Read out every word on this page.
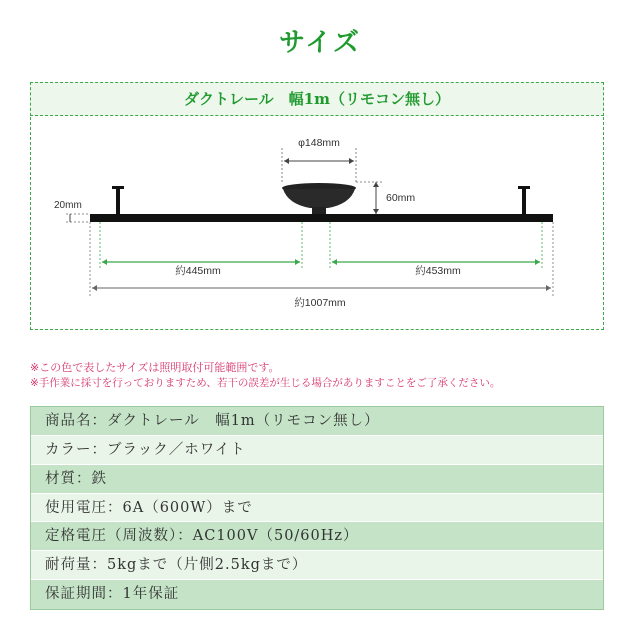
サイズ
ダクトレール　幅1m（リモコン無し）
φ148mm
60mm
20mm
約445mm	約453mm
約1007mm
※この色で表したサイズは照明取付可能範囲です。
※手作業に採寸を行っておりますため、若干の誤差が生じる場合がありますことをご了承ください。
商品名：ダクトレール　幅1m（リモコン無し）
カラー：ブラック／ホワイト
材質：鉄
使用電圧：6A（600W）まで
定格電圧（周波数）：AC100V（50/60Hz）
耐荷量：5kgまで（片側2.5kgまで）
保証期間：1年保証
